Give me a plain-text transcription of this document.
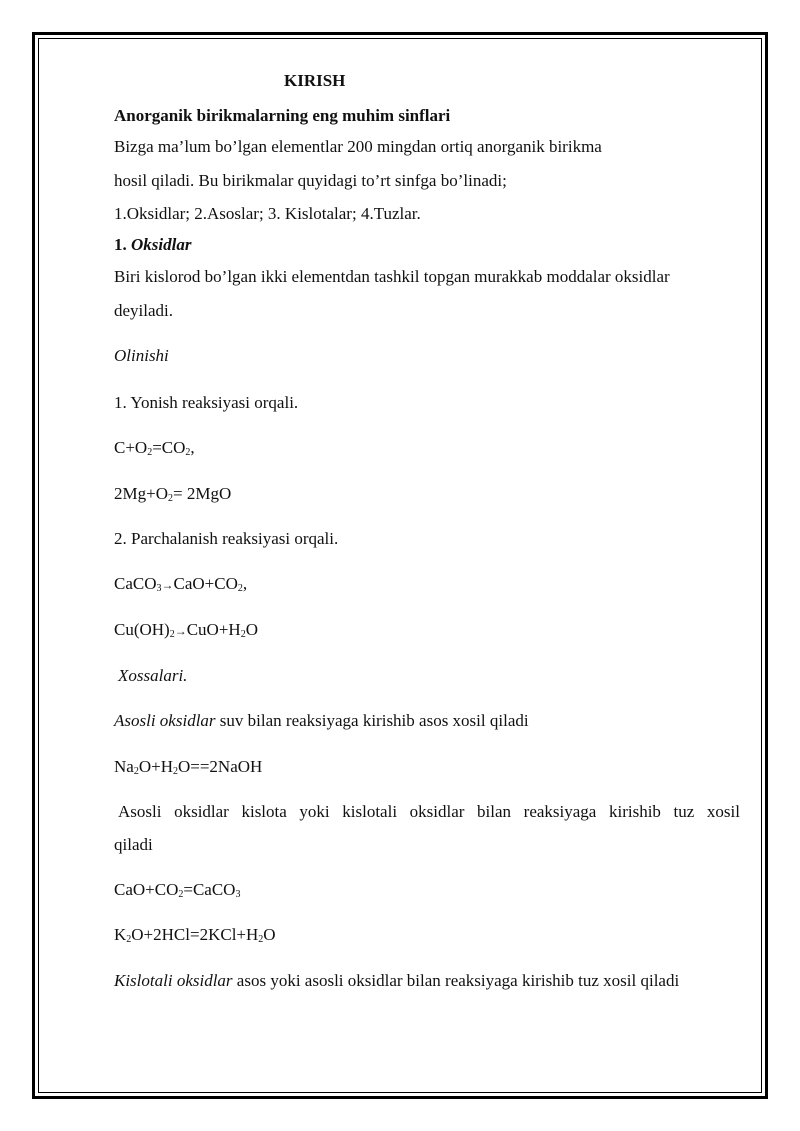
KIRISH
Anorganik birikmalarning eng muhim sinflari
Bizga ma’lum bo’lgan elementlar 200 mingdan ortiq anorganik birikma
hosil qiladi. Bu birikmalar quyidagi to’rt sinfga bo’linadi;
1.Oksidlar; 2.Asoslar; 3. Kislotalar; 4.Tuzlar.
1. Oksidlar
Biri kislorod bo’lgan ikki elementdan tashkil topgan murakkab moddalar oksidlar
deyiladi.
Olinishi
1. Yonish reaksiyasi orqali.
$C+O_2=CO_2$,
$2Mg+O_2= 2MgO$
2. Parchalanish reaksiyasi orqali.
$CaCO_3\to CaO+CO_2$,
$Cu(OH)_2\to CuO+H_2O$
Xossalari.
Asosli oksidlar suv bilan reaksiyaga kirishib asos xosil qiladi
$Na_2O+H_2O==2NaOH$
Asosli oksidlar kislota yoki kislotali oksidlar bilan reaksiyaga kirishib tuz xosil
qiladi
$CaO+CO_2=CaCO_3$
$K_2O+2HCl=2KCl+H_2O$
Kislotali oksidlar asos yoki asosli oksidlar bilan reaksiyaga kirishib tuz xosil qiladi
